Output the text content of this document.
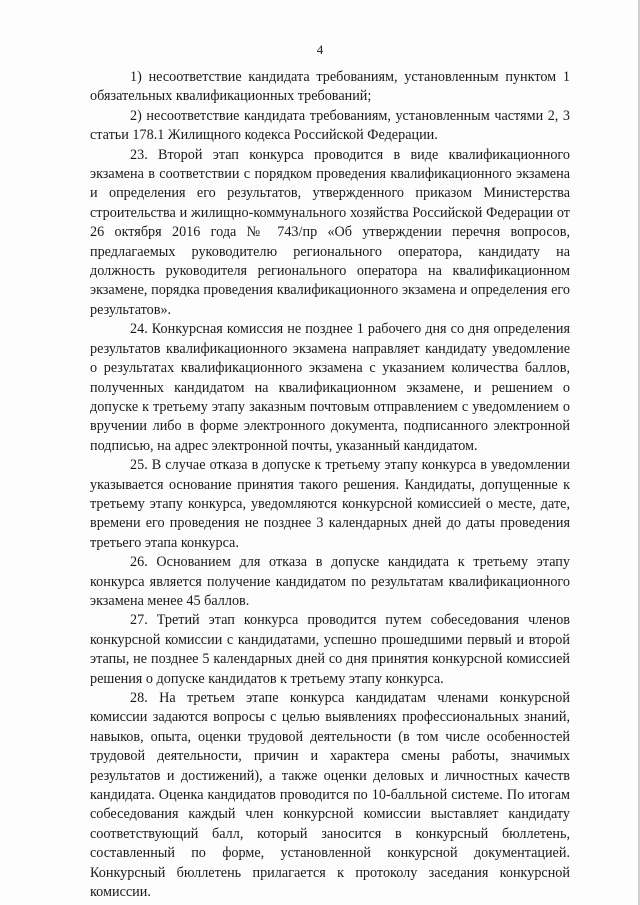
4

1) несоответствие кандидата требованиям, установленным пунктом 1 обязательных квалификационных требований;

2) несоответствие кандидата требованиям, установленным частями 2, 3 статьи 178.1 Жилищного кодекса Российской Федерации.

23. Второй этап конкурса проводится в виде квалификационного экзамена в соответствии с порядком проведения квалификационного экзамена и определения его результатов, утвержденного приказом Министерства строительства и жилищно-коммунального хозяйства Российской Федерации от 26 октября 2016 года № 743/пр «Об утверждении перечня вопросов, предлагаемых руководителю регионального оператора, кандидату на должность руководителя регионального оператора на квалификационном экзамене, порядка проведения квалификационного экзамена и определения его результатов».

24. Конкурсная комиссия не позднее 1 рабочего дня со дня определения результатов квалификационного экзамена направляет кандидату уведомление о результатах квалификационного экзамена с указанием количества баллов, полученных кандидатом на квалификационном экзамене, и решением о допуске к третьему этапу заказным почтовым отправлением с уведомлением о вручении либо в форме электронного документа, подписанного электронной подписью, на адрес электронной почты, указанный кандидатом.

25. В случае отказа в допуске к третьему этапу конкурса в уведомлении указывается основание принятия такого решения. Кандидаты, допущенные к третьему этапу конкурса, уведомляются конкурсной комиссией о месте, дате, времени его проведения не позднее 3 календарных дней до даты проведения третьего этапа конкурса.

26. Основанием для отказа в допуске кандидата к третьему этапу конкурса является получение кандидатом по результатам квалификационного экзамена менее 45 баллов.

27. Третий этап конкурса проводится путем собеседования членов конкурсной комиссии с кандидатами, успешно прошедшими первый и второй этапы, не позднее 5 календарных дней со дня принятия конкурсной комиссией решения о допуске кандидатов к третьему этапу конкурса.

28. На третьем этапе конкурса кандидатам членами конкурсной комиссии задаются вопросы с целью выявлениях профессиональных знаний, навыков, опыта, оценки трудовой деятельности (в том числе особенностей трудовой деятельности, причин и характера смены работы, значимых результатов и достижений), а также оценки деловых и личностных качеств кандидата. Оценка кандидатов проводится по 10-балльной системе. По итогам собеседования каждый член конкурсной комиссии выставляет кандидату соответствующий балл, который заносится в конкурсный бюллетень, составленный по форме, установленной конкурсной документацией. Конкурсный бюллетень прилагается к протоколу заседания конкурсной комиссии.
